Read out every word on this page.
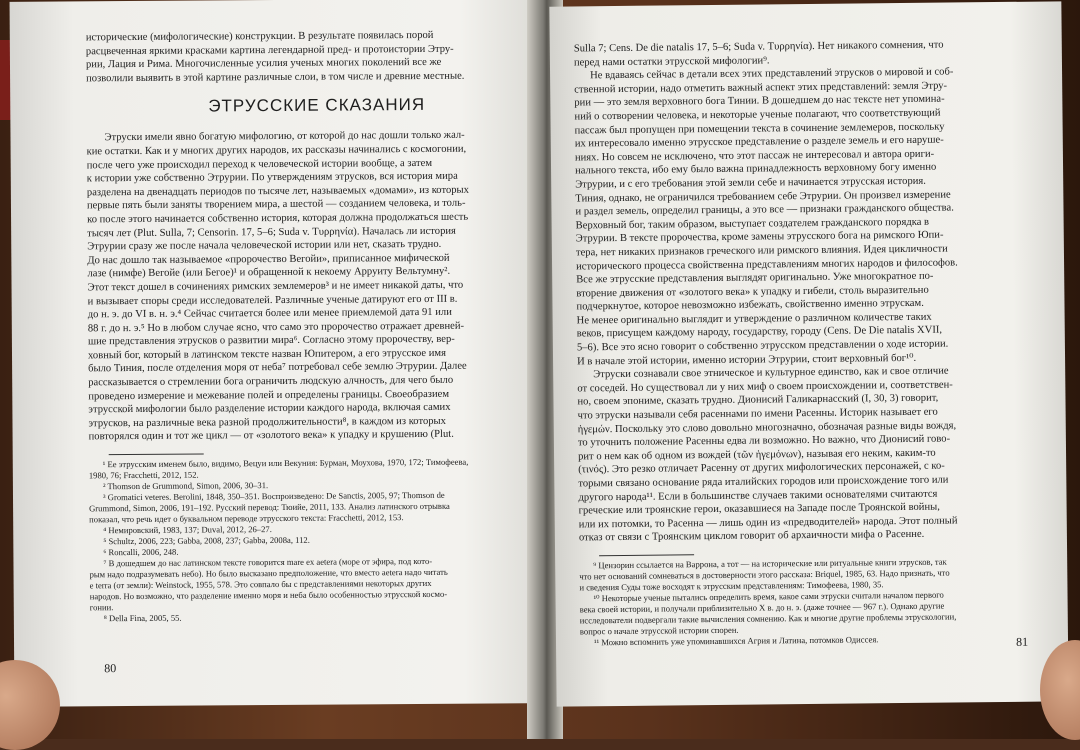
исторические (мифологические) конструкции. В результате появилась порой
расцвеченная яркими красками картина легендарной пред- и протоистории Этру-
рии, Лация и Рима. Многочисленные усилия ученых многих поколений все же
позволили выявить в этой картине различные слои, в том числе и древние местные.
ЭТРУССКИЕ СКАЗАНИЯ
Этруски имели явно богатую мифологию, от которой до нас дошли только жал-
кие остатки. Как и у многих других народов, их рассказы начинались с космогонии,
после чего уже происходил переход к человеческой истории вообще, а затем
к истории уже собственно Этрурии. По утверждениям этрусков, вся история мира
разделена на двенадцать периодов по тысяче лет, называемых «домами», из которых
первые пять были заняты творением мира, а шестой — созданием человека, и толь-
ко после этого начинается собственно история, которая должна продолжаться шесть
тысяч лет (Plut. Sulla, 7; Censorin. 17, 5–6; Suda v. Τυρρηνία). Началась ли история
Этрурии сразу же после начала человеческой истории или нет, сказать трудно.
До нас дошло так называемое «пророчество Вегойи», приписанное мифической
лазе (нимфе) Вегойе (или Бегое)¹ и обращенной к некоему Арруиту Вельтумну².
Этот текст дошел в сочинениях римских землемеров³ и не имеет никакой даты, что
и вызывает споры среди исследователей. Различные ученые датируют его от III в.
до н. э. до VI в. н. э.⁴ Сейчас считается более или менее приемлемой дата 91 или
88 г. до н. э.⁵ Но в любом случае ясно, что само это пророчество отражает древней-
шие представления этрусков о развитии мира⁶. Согласно этому пророчеству, вер-
ховный бог, который в латинском тексте назван Юпитером, а его этрусское имя
было Тиния, после отделения моря от неба⁷ потребовал себе землю Этрурии. Далее
рассказывается о стремлении бога ограничить людскую алчность, для чего было
проведено измерение и межевание полей и определены границы. Своеобразием
этрусской мифологии было разделение истории каждого народа, включая самих
этрусков, на различные века разной продолжительности⁸, в каждом из которых
повторялся один и тот же цикл — от «золотого века» к упадку и крушению (Plut.
¹ Ее этрусским именем было, видимо, Вецуи или Векуния: Бурман, Моухова, 1970, 172; Тимофеева,
1980, 76; Fracchetti, 2012, 152.
² Thomson de Grummond, Simon, 2006, 30–31.
³ Gromatici veteres. Berolini, 1848, 350–351. Воспроизведено: De Sanctis, 2005, 97; Thomson de
Grummond, Simon, 2006, 191–192. Русский перевод: Тюийе, 2011, 133. Анализ латинского отрывка
показал, что речь идет о буквальном переводе этрусского текста: Fracchetti, 2012, 153.
⁴ Немировский, 1983, 137; Duval, 2012, 26–27.
⁵ Schultz, 2006, 223; Gabba, 2008, 237; Gabba, 2008a, 112.
⁶ Roncalli, 2006, 248.
⁷ В дошедшем до нас латинском тексте говорится mare ex aetera (море от эфира, под кото-
рым надо подразумевать небо). Но было высказано предположение, что вместо aetera надо читать
e terra (от земли): Weinstock, 1955, 578. Это совпало бы с представлениями некоторых других
народов. Но возможно, что разделение именно моря и неба было особенностью этрусской космо-
гонии.
⁸ Della Fina, 2005, 55.
80
Sulla 7; Cens. De die natalis 17, 5–6; Suda v. Τυρρηνία). Нет никакого сомнения, что
перед нами остатки этрусской мифологии⁹.
Не вдаваясь сейчас в детали всех этих представлений этрусков о мировой и соб-
ственной истории, надо отметить важный аспект этих представлений: земля Этру-
рии — это земля верховного бога Тинии. В дошедшем до нас тексте нет упомина-
ний о сотворении человека, и некоторые ученые полагают, что соответствующий
пассаж был пропущен при помещении текста в сочинение землемеров, поскольку
их интересовало именно этрусское представление о разделе земель и его наруше-
ниях. Но совсем не исключено, что этот пассаж не интересовал и автора ориги-
нального текста, ибо ему было важна принадлежность верховному богу именно
Этрурии, и с его требования этой земли себе и начинается этрусская история.
Тиния, однако, не ограничился требованием себе Этрурии. Он произвел измерение
и раздел земель, определил границы, а это все — признаки гражданского общества.
Верховный бог, таким образом, выступает создателем гражданского порядка в
Этрурии. В тексте пророчества, кроме замены этрусского бога на римского Юпи-
тера, нет никаких признаков греческого или римского влияния. Идея цикличности
исторического процесса свойственна представлениям многих народов и философов.
Все же этрусские представления выглядят оригинально. Уже многократное по-
вторение движения от «золотого века» к упадку и гибели, столь выразительно
подчеркнутое, которое невозможно избежать, свойственно именно этрускам.
Не менее оригинально выглядит и утверждение о различном количестве таких
веков, присущем каждому народу, государству, городу (Cens. De Die natalis XVII,
5–6). Все это ясно говорит о собственно этрусском представлении о ходе истории.
И в начале этой истории, именно истории Этрурии, стоит верховный бог¹⁰.
Этруски сознавали свое этническое и культурное единство, как и свое отличие
от соседей. Но существовал ли у них миф о своем происхождении и, соответствен-
но, своем эпониме, сказать трудно. Дионисий Галикарнасский (I, 30, 3) говорит,
что этруски называли себя расеннами по имени Расенны. Историк называет его
ἡγεμών. Поскольку это слово довольно многозначно, обозначая разные виды вождя,
то уточнить положение Расенны едва ли возможно. Но важно, что Дионисий гово-
рит о нем как об одном из вождей (τῶν ἡγεμόνων), называя его неким, каким-то
(τινός). Это резко отличает Расенну от других мифологических персонажей, с ко-
торыми связано основание ряда италийских городов или происхождение того или
другого народа¹¹. Если в большинстве случаев такими основателями считаются
греческие или троянские герои, оказавшиеся на Западе после Троянской войны,
или их потомки, то Расенна — лишь один из «предводителей» народа. Этот полный
отказ от связи с Троянским циклом говорит об архаичности мифа о Расенне.
⁹ Цензорин ссылается на Варрона, а тот — на исторические или ритуальные книги этрусков, так
что нет оснований сомневаться в достоверности этого рассказа: Briquel, 1985, 63. Надо признать, что
и сведения Суды тоже восходят к этрусским представлениям: Тимофеева, 1980, 35.
¹⁰ Некоторые ученые пытались определить время, какое сами этруски считали началом первого
века своей истории, и получали приблизительно X в. до н. э. (даже точнее — 967 г.). Однако другие
исследователи подвергали такие вычисления сомнению. Как и многие другие проблемы этрускологии,
вопрос о начале этрусской истории спорен.
¹¹ Можно вспомнить уже упоминавшихся Агрия и Латина, потомков Одиссея.	81
